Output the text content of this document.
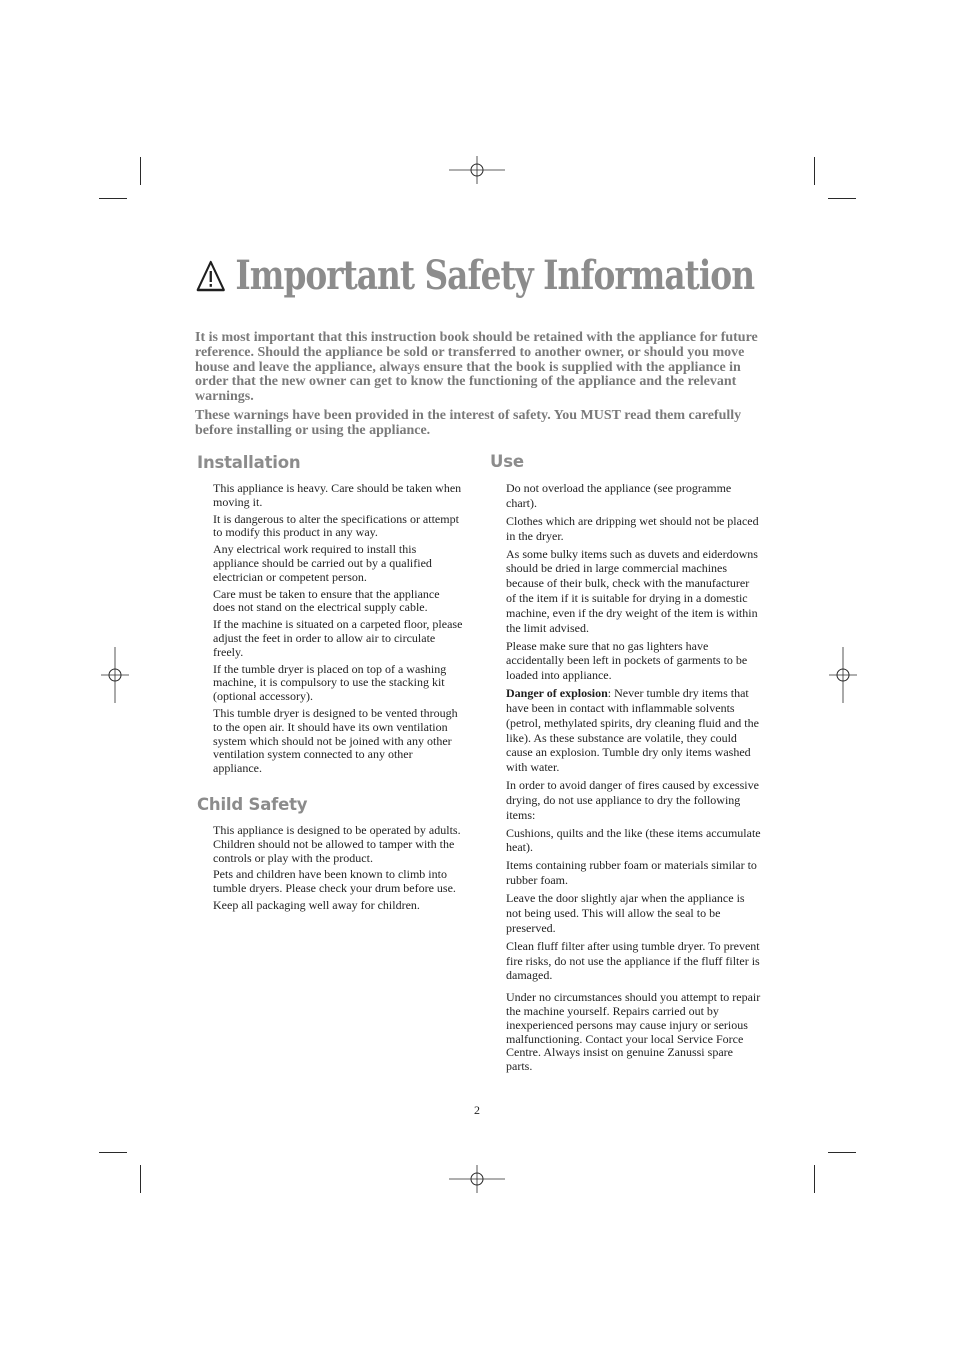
Important Safety Information

It is most important that this instruction book should be retained with the appliance for future reference. Should the appliance be sold or transferred to another owner, or should you move house and leave the appliance, always ensure that the book is supplied with the appliance in order that the new owner can get to know the functioning of the appliance and the relevant warnings.

These warnings have been provided in the interest of safety. You MUST read them carefully before installing or using the appliance.

Installation
This appliance is heavy. Care should be taken when moving it.
It is dangerous to alter the specifications or attempt to modify this product in any way.
Any electrical work required to install this appliance should be carried out by a qualified electrician or competent person.
Care must be taken to ensure that the appliance does not stand on the electrical supply cable.
If the machine is situated on a carpeted floor, please adjust the feet in order to allow air to circulate freely.
If the tumble dryer is placed on top of a washing machine, it is compulsory to use the stacking kit (optional accessory).
This tumble dryer is designed to be vented through to the open air. It should have its own ventilation system which should not be joined with any other ventilation system connected to any other appliance.
Child Safety
This appliance is designed to be operated by adults. Children should not be allowed to tamper with the controls or play with the product.
Pets and children have been known to climb into tumble dryers. Please check your drum before use.
Keep all packaging well away for children.
Use
Do not overload the appliance (see programme chart).
Clothes which are dripping wet should not be placed in the dryer.
As some bulky items such as duvets and eiderdowns should be dried in large commercial machines because of their bulk, check with the manufacturer of the item if it is suitable for drying in a domestic machine, even if the dry weight of the item is within the limit advised.
Please make sure that no gas lighters have accidentally been left in pockets of garments to be loaded into appliance.
Danger of explosion: Never tumble dry items that have been in contact with inflammable solvents (petrol, methylated spirits, dry cleaning fluid and the like). As these substance are volatile, they could cause an explosion. Tumble dry only items washed with water.
In order to avoid danger of fires caused by excessive drying, do not use appliance to dry the following items:
Cushions, quilts and the like (these items accumulate heat).
Items containing rubber foam or materials similar to rubber foam.
Leave the door slightly ajar when the appliance is not being used. This will allow the seal to be preserved.
Clean fluff filter after using tumble dryer. To prevent fire risks, do not use the appliance if the fluff filter is damaged.
Under no circumstances should you attempt to repair the machine yourself. Repairs carried out by inexperienced persons may cause injury or serious malfunctioning. Contact your local Service Force Centre. Always insist on genuine Zanussi spare parts.
2
